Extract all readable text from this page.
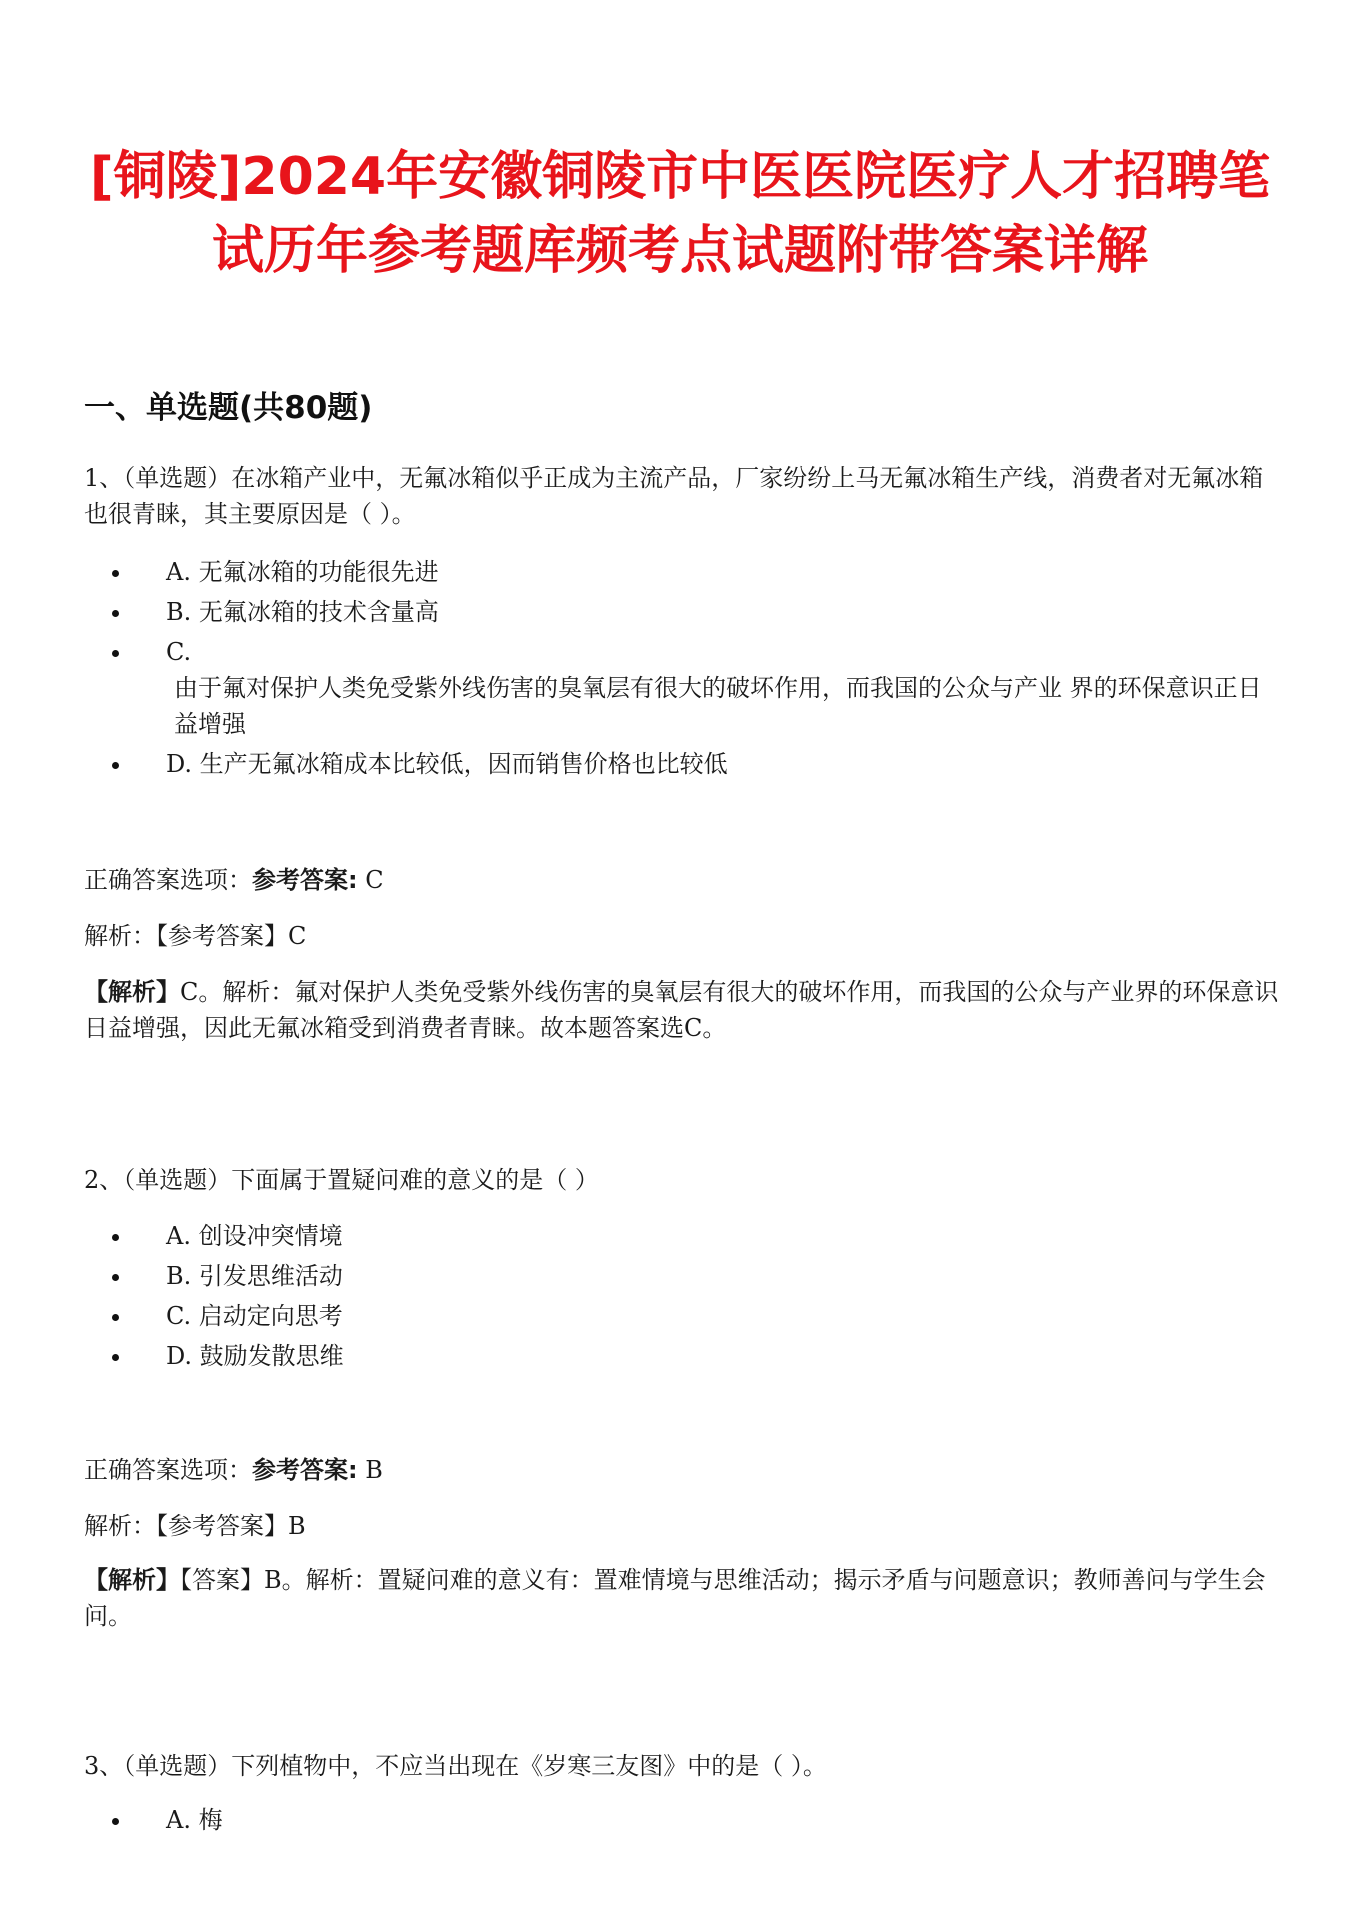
[铜陵]2024年安徽铜陵市中医医院医疗人才招聘笔试历年参考题库频考点试题附带答案详解
一、单选题(共80题)

1、（单选题）在冰箱产业中，无氟冰箱似乎正成为主流产品，厂家纷纷上马无氟冰箱生产线，消费者对无氟冰箱也很青睐，其主要原因是（ ）。

A. 无氟冰箱的功能很先进
B. 无氟冰箱的技术含量高
C.
由于氟对保护人类免受紫外线伤害的臭氧层有很大的破坏作用，而我国的公众与产业 界的环保意识正日益增强
D. 生产无氟冰箱成本比较低，因而销售价格也比较低

正确答案选项：参考答案: C

解析：【参考答案】C

【解析】C。解析：氟对保护人类免受紫外线伤害的臭氧层有很大的破坏作用，而我国的公众与产业界的环保意识日益增强，因此无氟冰箱受到消费者青睐。故本题答案选C。

2、（单选题）下面属于置疑问难的意义的是（ ）

A. 创设冲突情境
B. 引发思维活动
C. 启动定向思考
D. 鼓励发散思维

正确答案选项：参考答案: B

解析：【参考答案】B

【解析】【答案】B。解析：置疑问难的意义有：置难情境与思维活动；揭示矛盾与问题意识；教师善问与学生会问。

3、（单选题）下列植物中，不应当出现在《岁寒三友图》中的是（ ）。

A. 梅
